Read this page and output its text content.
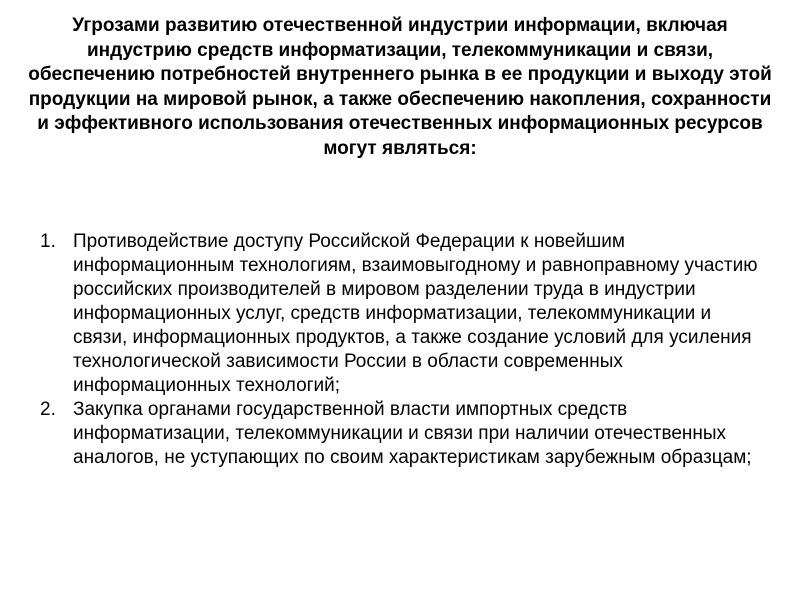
Угрозами развитию отечественной индустрии информации, включая индустрию средств информатизации, телекоммуникации и связи, обеспечению потребностей внутреннего рынка в ее продукции и выходу этой продукции на мировой рынок, а также обеспечению накопления, сохранности и эффективного использования отечественных информационных ресурсов могут являться:

1. Противодействие доступу Российской Федерации к новейшим информационным технологиям, взаимовыгодному и равноправному участию российских производителей в мировом разделении труда в индустрии информационных услуг, средств информатизации, телекоммуникации и связи, информационных продуктов, а также создание условий для усиления технологической зависимости России в области современных информационных технологий;
2. Закупка органами государственной власти импортных средств информатизации, телекоммуникации и связи при наличии отечественных аналогов, не уступающих по своим характеристикам зарубежным образцам;
